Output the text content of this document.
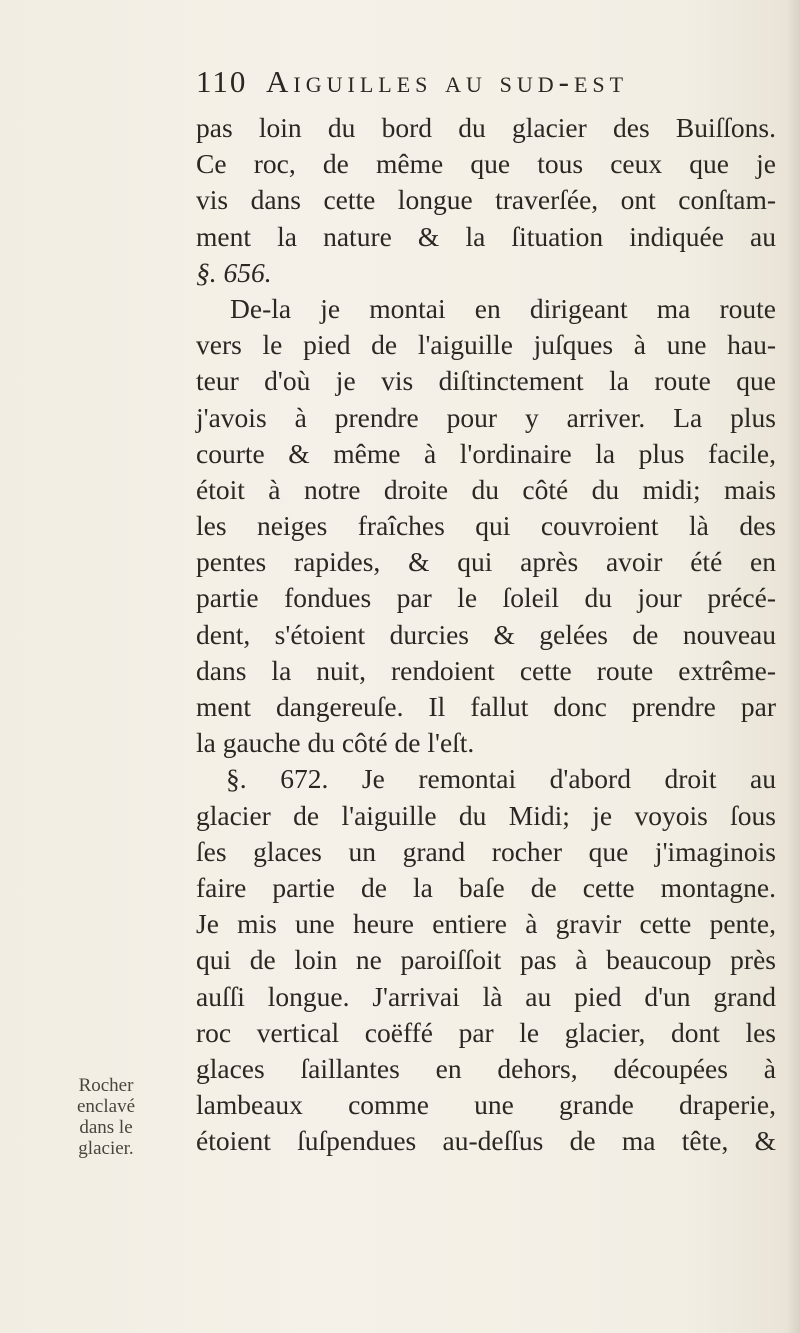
110 Aiguilles au sud-est
Rocher
enclavé
dans le
glacier.
pas loin du bord du glacier des Buiſſons.
Ce roc, de même que tous ceux que je
vis dans cette longue traverſée, ont conſtam-
ment la nature & la ſituation indiquée au
§. 656.
De-la je montai en dirigeant ma route
vers le pied de l'aiguille juſques à une hau-
teur d'où je vis diſtinctement la route que
j'avois à prendre pour y arriver. La plus
courte & même à l'ordinaire la plus facile,
étoit à notre droite du côté du midi; mais
les neiges fraîches qui couvroient là des
pentes rapides, & qui après avoir été en
partie fondues par le ſoleil du jour précé-
dent, s'étoient durcies & gelées de nouveau
dans la nuit, rendoient cette route extrême-
ment dangereuſe. Il fallut donc prendre par
la gauche du côté de l'eſt.
§. 672. Je remontai d'abord droit au
glacier de l'aiguille du Midi; je voyois ſous
ſes glaces un grand rocher que j'imaginois
faire partie de la baſe de cette montagne.
Je mis une heure entiere à gravir cette pente,
qui de loin ne paroiſſoit pas à beaucoup près
auſſi longue. J'arrivai là au pied d'un grand
roc vertical coëffé par le glacier, dont les
glaces ſaillantes en dehors, découpées à
lambeaux comme une grande draperie,
étoient ſuſpendues au-deſſus de ma tête, &
